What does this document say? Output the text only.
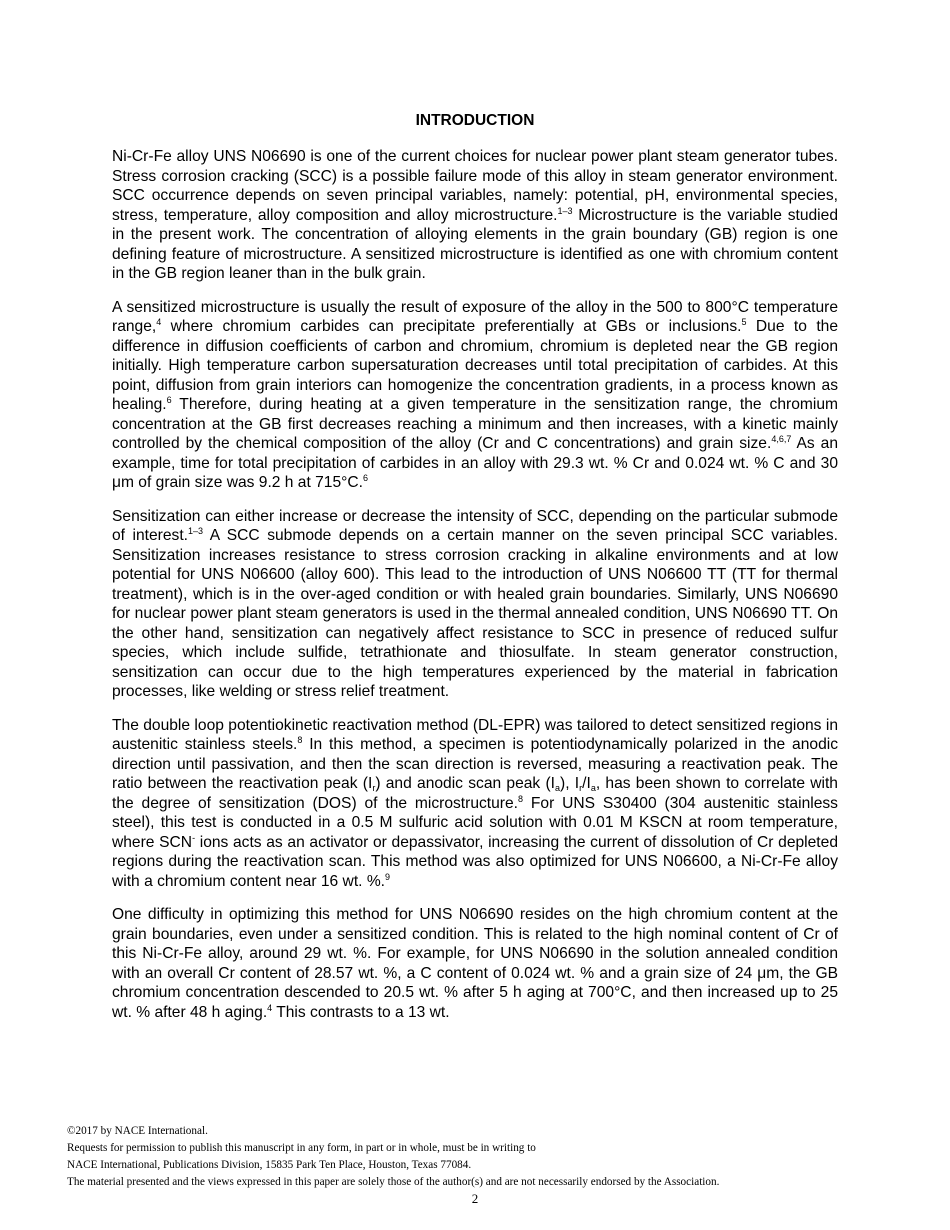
INTRODUCTION

Ni-Cr-Fe alloy UNS N06690 is one of the current choices for nuclear power plant steam generator tubes. Stress corrosion cracking (SCC) is a possible failure mode of this alloy in steam generator environment. SCC occurrence depends on seven principal variables, namely: potential, pH, environmental species, stress, temperature, alloy composition and alloy microstructure.$^{1-3}$ Microstructure is the variable studied in the present work. The concentration of alloying elements in the grain boundary (GB) region is one defining feature of microstructure. A sensitized microstructure is identified as one with chromium content in the GB region leaner than in the bulk grain.

A sensitized microstructure is usually the result of exposure of the alloy in the 500 to 800°C temperature range,$^4$ where chromium carbides can precipitate preferentially at GBs or inclusions.$^5$ Due to the difference in diffusion coefficients of carbon and chromium, chromium is depleted near the GB region initially. High temperature carbon supersaturation decreases until total precipitation of carbides. At this point, diffusion from grain interiors can homogenize the concentration gradients, in a process known as healing.$^6$ Therefore, during heating at a given temperature in the sensitization range, the chromium concentration at the GB first decreases reaching a minimum and then increases, with a kinetic mainly controlled by the chemical composition of the alloy (Cr and C concentrations) and grain size.$^{4,6,7}$ As an example, time for total precipitation of carbides in an alloy with 29.3 wt. % Cr and 0.024 wt. % C and 30 μm of grain size was 9.2 h at 715°C.$^6$

Sensitization can either increase or decrease the intensity of SCC, depending on the particular submode of interest.$^{1-3}$ A SCC submode depends on a certain manner on the seven principal SCC variables. Sensitization increases resistance to stress corrosion cracking in alkaline environments and at low potential for UNS N06600 (alloy 600). This lead to the introduction of UNS N06600 TT (TT for thermal treatment), which is in the over-aged condition or with healed grain boundaries. Similarly, UNS N06690 for nuclear power plant steam generators is used in the thermal annealed condition, UNS N06690 TT. On the other hand, sensitization can negatively affect resistance to SCC in presence of reduced sulfur species, which include sulfide, tetrathionate and thiosulfate. In steam generator construction, sensitization can occur due to the high temperatures experienced by the material in fabrication processes, like welding or stress relief treatment.

The double loop potentiokinetic reactivation method (DL-EPR) was tailored to detect sensitized regions in austenitic stainless steels.$^8$ In this method, a specimen is potentiodynamically polarized in the anodic direction until passivation, and then the scan direction is reversed, measuring a reactivation peak. The ratio between the reactivation peak $(I_r)$ and anodic scan peak $(I_a)$, $I_r/I_a$, has been shown to correlate with the degree of sensitization (DOS) of the microstructure.$^8$ For UNS S30400 (304 austenitic stainless steel), this test is conducted in a 0.5 M sulfuric acid solution with 0.01 M KSCN at room temperature, where SCN- ions acts as an activator or depassivator, increasing the current of dissolution of Cr depleted regions during the reactivation scan. This method was also optimized for UNS N06600, a Ni-Cr-Fe alloy with a chromium content near 16 wt. %.$^9$

One difficulty in optimizing this method for UNS N06690 resides on the high chromium content at the grain boundaries, even under a sensitized condition. This is related to the high nominal content of Cr of this Ni-Cr-Fe alloy, around 29 wt. %. For example, for UNS N06690 in the solution annealed condition with an overall Cr content of 28.57 wt. %, a C content of 0.024 wt. % and a grain size of 24 μm, the GB chromium concentration descended to 20.5 wt. % after 5 h aging at 700°C, and then increased up to 25 wt. % after 48 h aging.$^4$ This contrasts to a 13 wt.

©2017 by NACE International.
Requests for permission to publish this manuscript in any form, in part or in whole, must be in writing to
NACE International, Publications Division, 15835 Park Ten Place, Houston, Texas 77084.
The material presented and the views expressed in this paper are solely those of the author(s) and are not necessarily endorsed by the Association.
2
